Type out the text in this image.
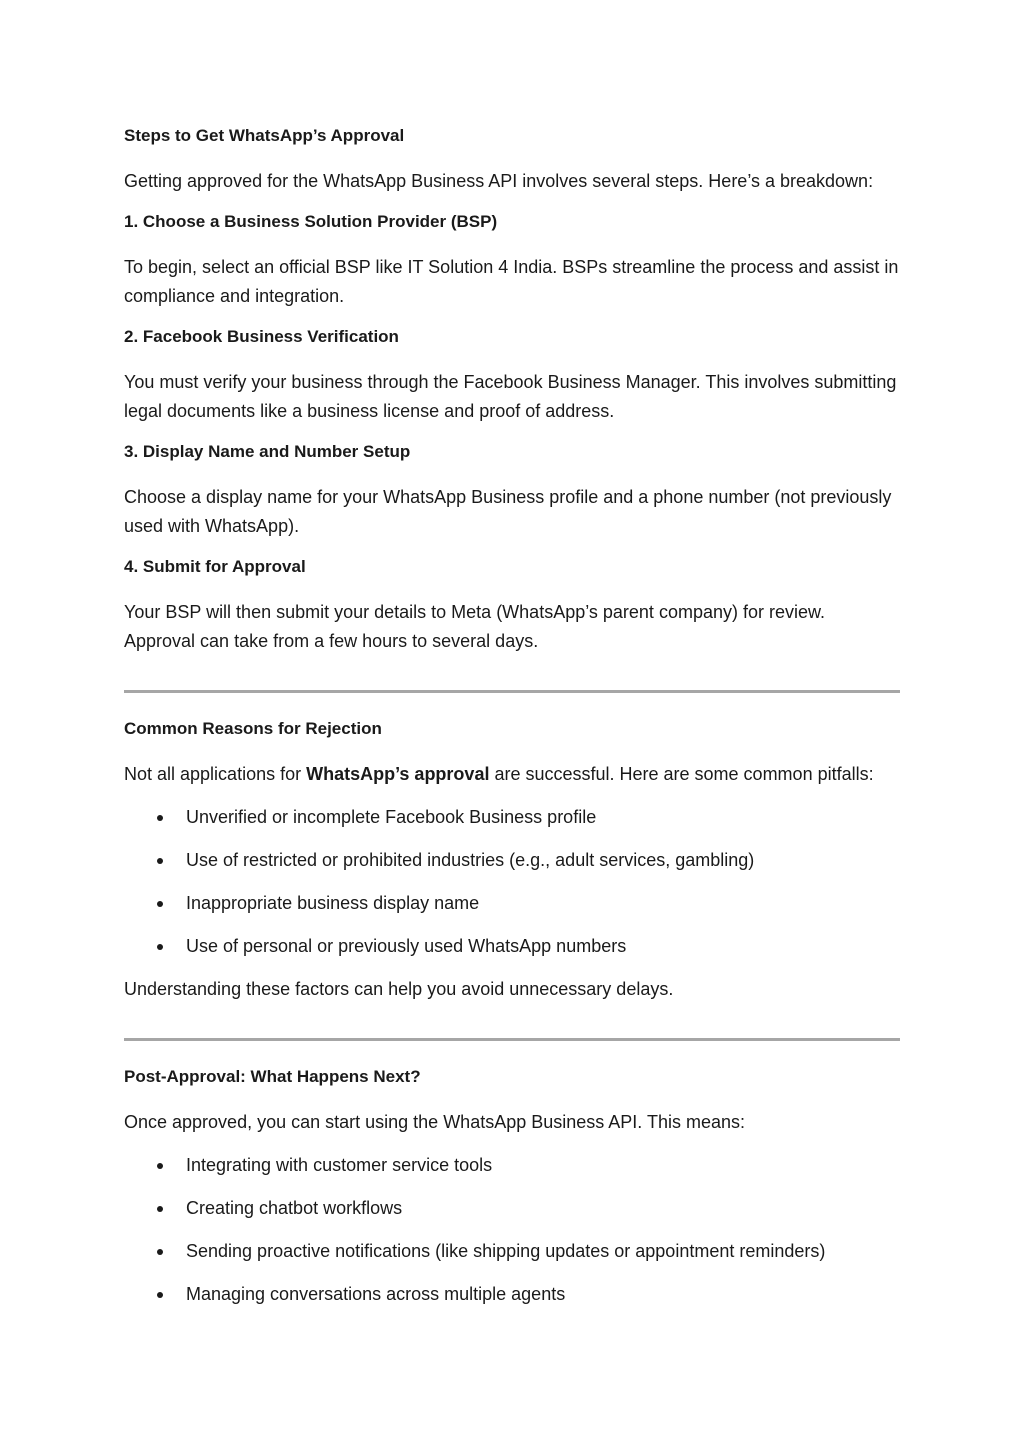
Steps to Get WhatsApp’s Approval

Getting approved for the WhatsApp Business API involves several steps. Here’s a breakdown:

1. Choose a Business Solution Provider (BSP)

To begin, select an official BSP like IT Solution 4 India. BSPs streamline the process and assist in compliance and integration.

2. Facebook Business Verification

You must verify your business through the Facebook Business Manager. This involves submitting legal documents like a business license and proof of address.

3. Display Name and Number Setup

Choose a display name for your WhatsApp Business profile and a phone number (not previously used with WhatsApp).

4. Submit for Approval

Your BSP will then submit your details to Meta (WhatsApp’s parent company) for review. Approval can take from a few hours to several days.

Common Reasons for Rejection

Not all applications for WhatsApp’s approval are successful. Here are some common pitfalls:

Unverified or incomplete Facebook Business profile
Use of restricted or prohibited industries (e.g., adult services, gambling)
Inappropriate business display name
Use of personal or previously used WhatsApp numbers

Understanding these factors can help you avoid unnecessary delays.

Post-Approval: What Happens Next?

Once approved, you can start using the WhatsApp Business API. This means:

Integrating with customer service tools
Creating chatbot workflows
Sending proactive notifications (like shipping updates or appointment reminders)
Managing conversations across multiple agents
